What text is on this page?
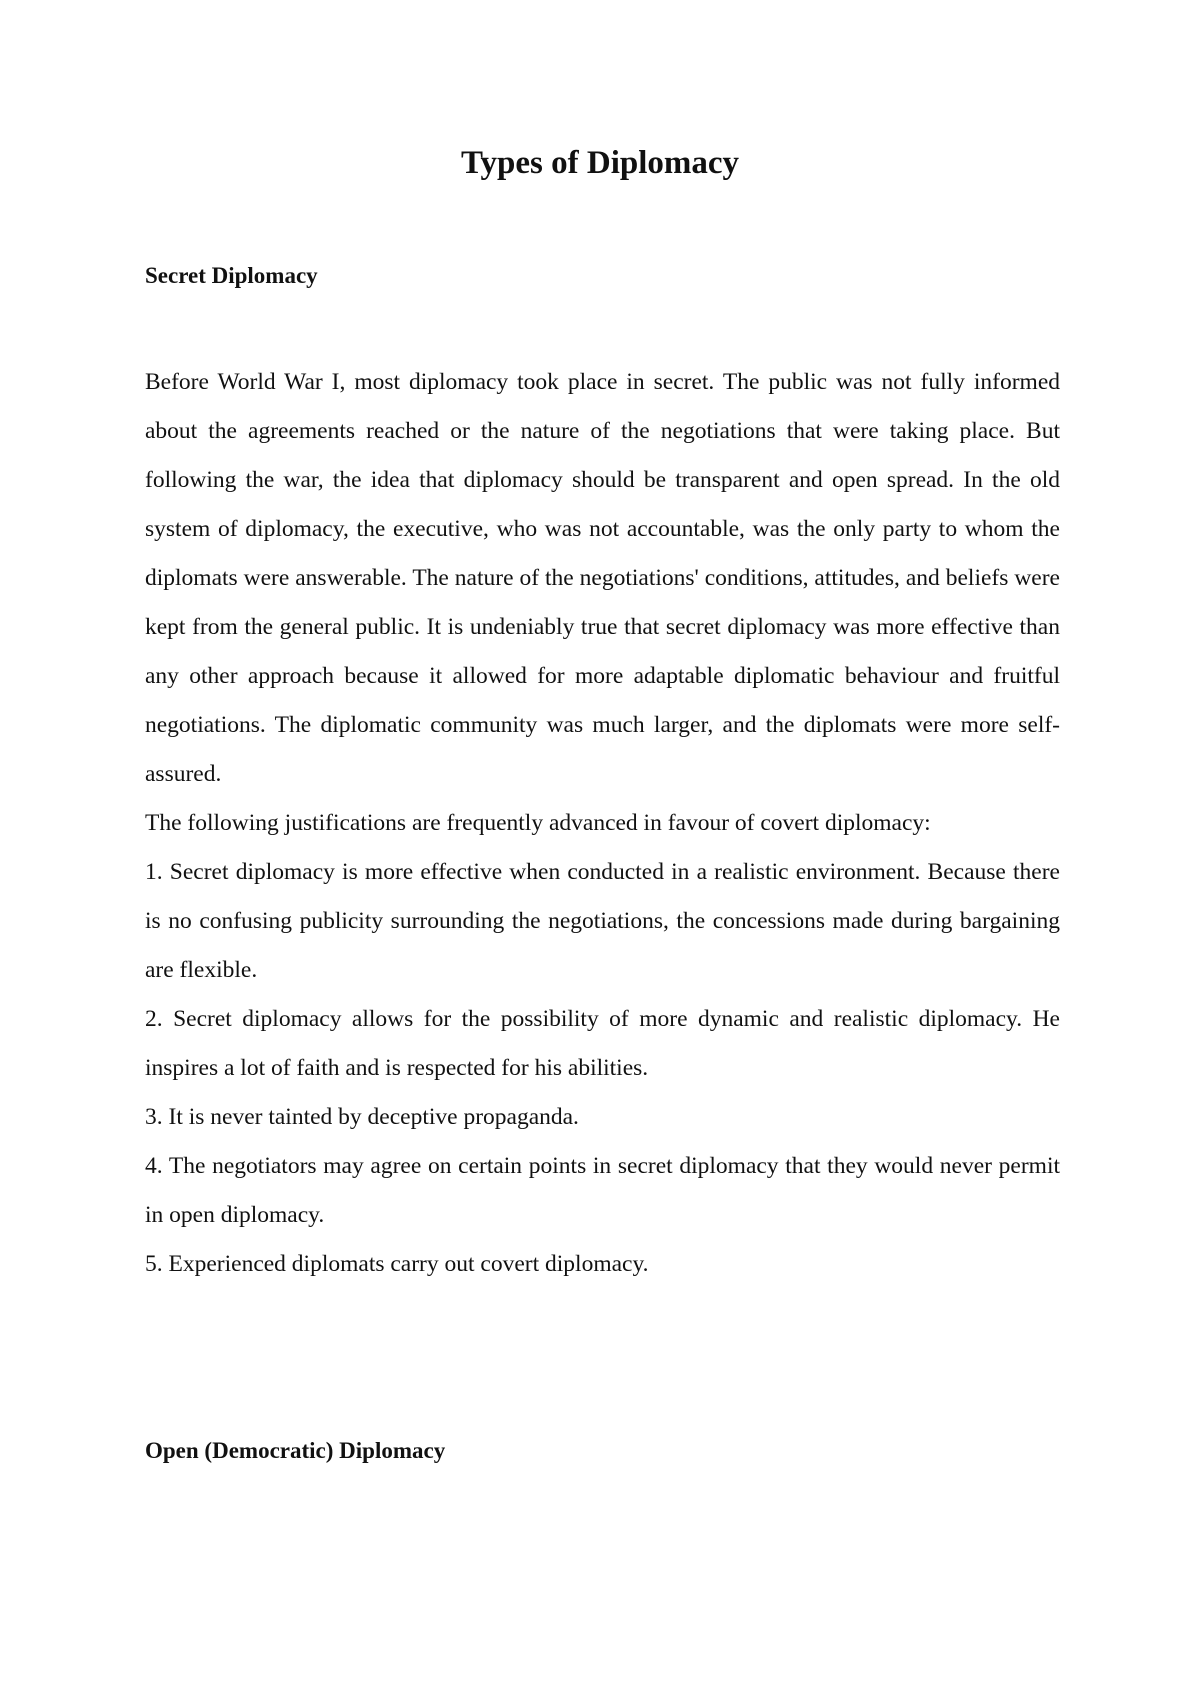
Types of Diplomacy
Secret Diplomacy

Before World War I, most diplomacy took place in secret. The public was not fully informed about the agreements reached or the nature of the negotiations that were taking place. But following the war, the idea that diplomacy should be transparent and open spread. In the old system of diplomacy, the executive, who was not accountable, was the only party to whom the diplomats were answerable. The nature of the negotiations' conditions, attitudes, and beliefs were kept from the general public. It is undeniably true that secret diplomacy was more effective than any other approach because it allowed for more adaptable diplomatic behaviour and fruitful negotiations. The diplomatic community was much larger, and the diplomats were more self-assured.

The following justifications are frequently advanced in favour of covert diplomacy:

1. Secret diplomacy is more effective when conducted in a realistic environment. Because there is no confusing publicity surrounding the negotiations, the concessions made during bargaining are flexible.

2. Secret diplomacy allows for the possibility of more dynamic and realistic diplomacy. He inspires a lot of faith and is respected for his abilities.

3. It is never tainted by deceptive propaganda.

4. The negotiators may agree on certain points in secret diplomacy that they would never permit in open diplomacy.

5. Experienced diplomats carry out covert diplomacy.

Open (Democratic) Diplomacy
